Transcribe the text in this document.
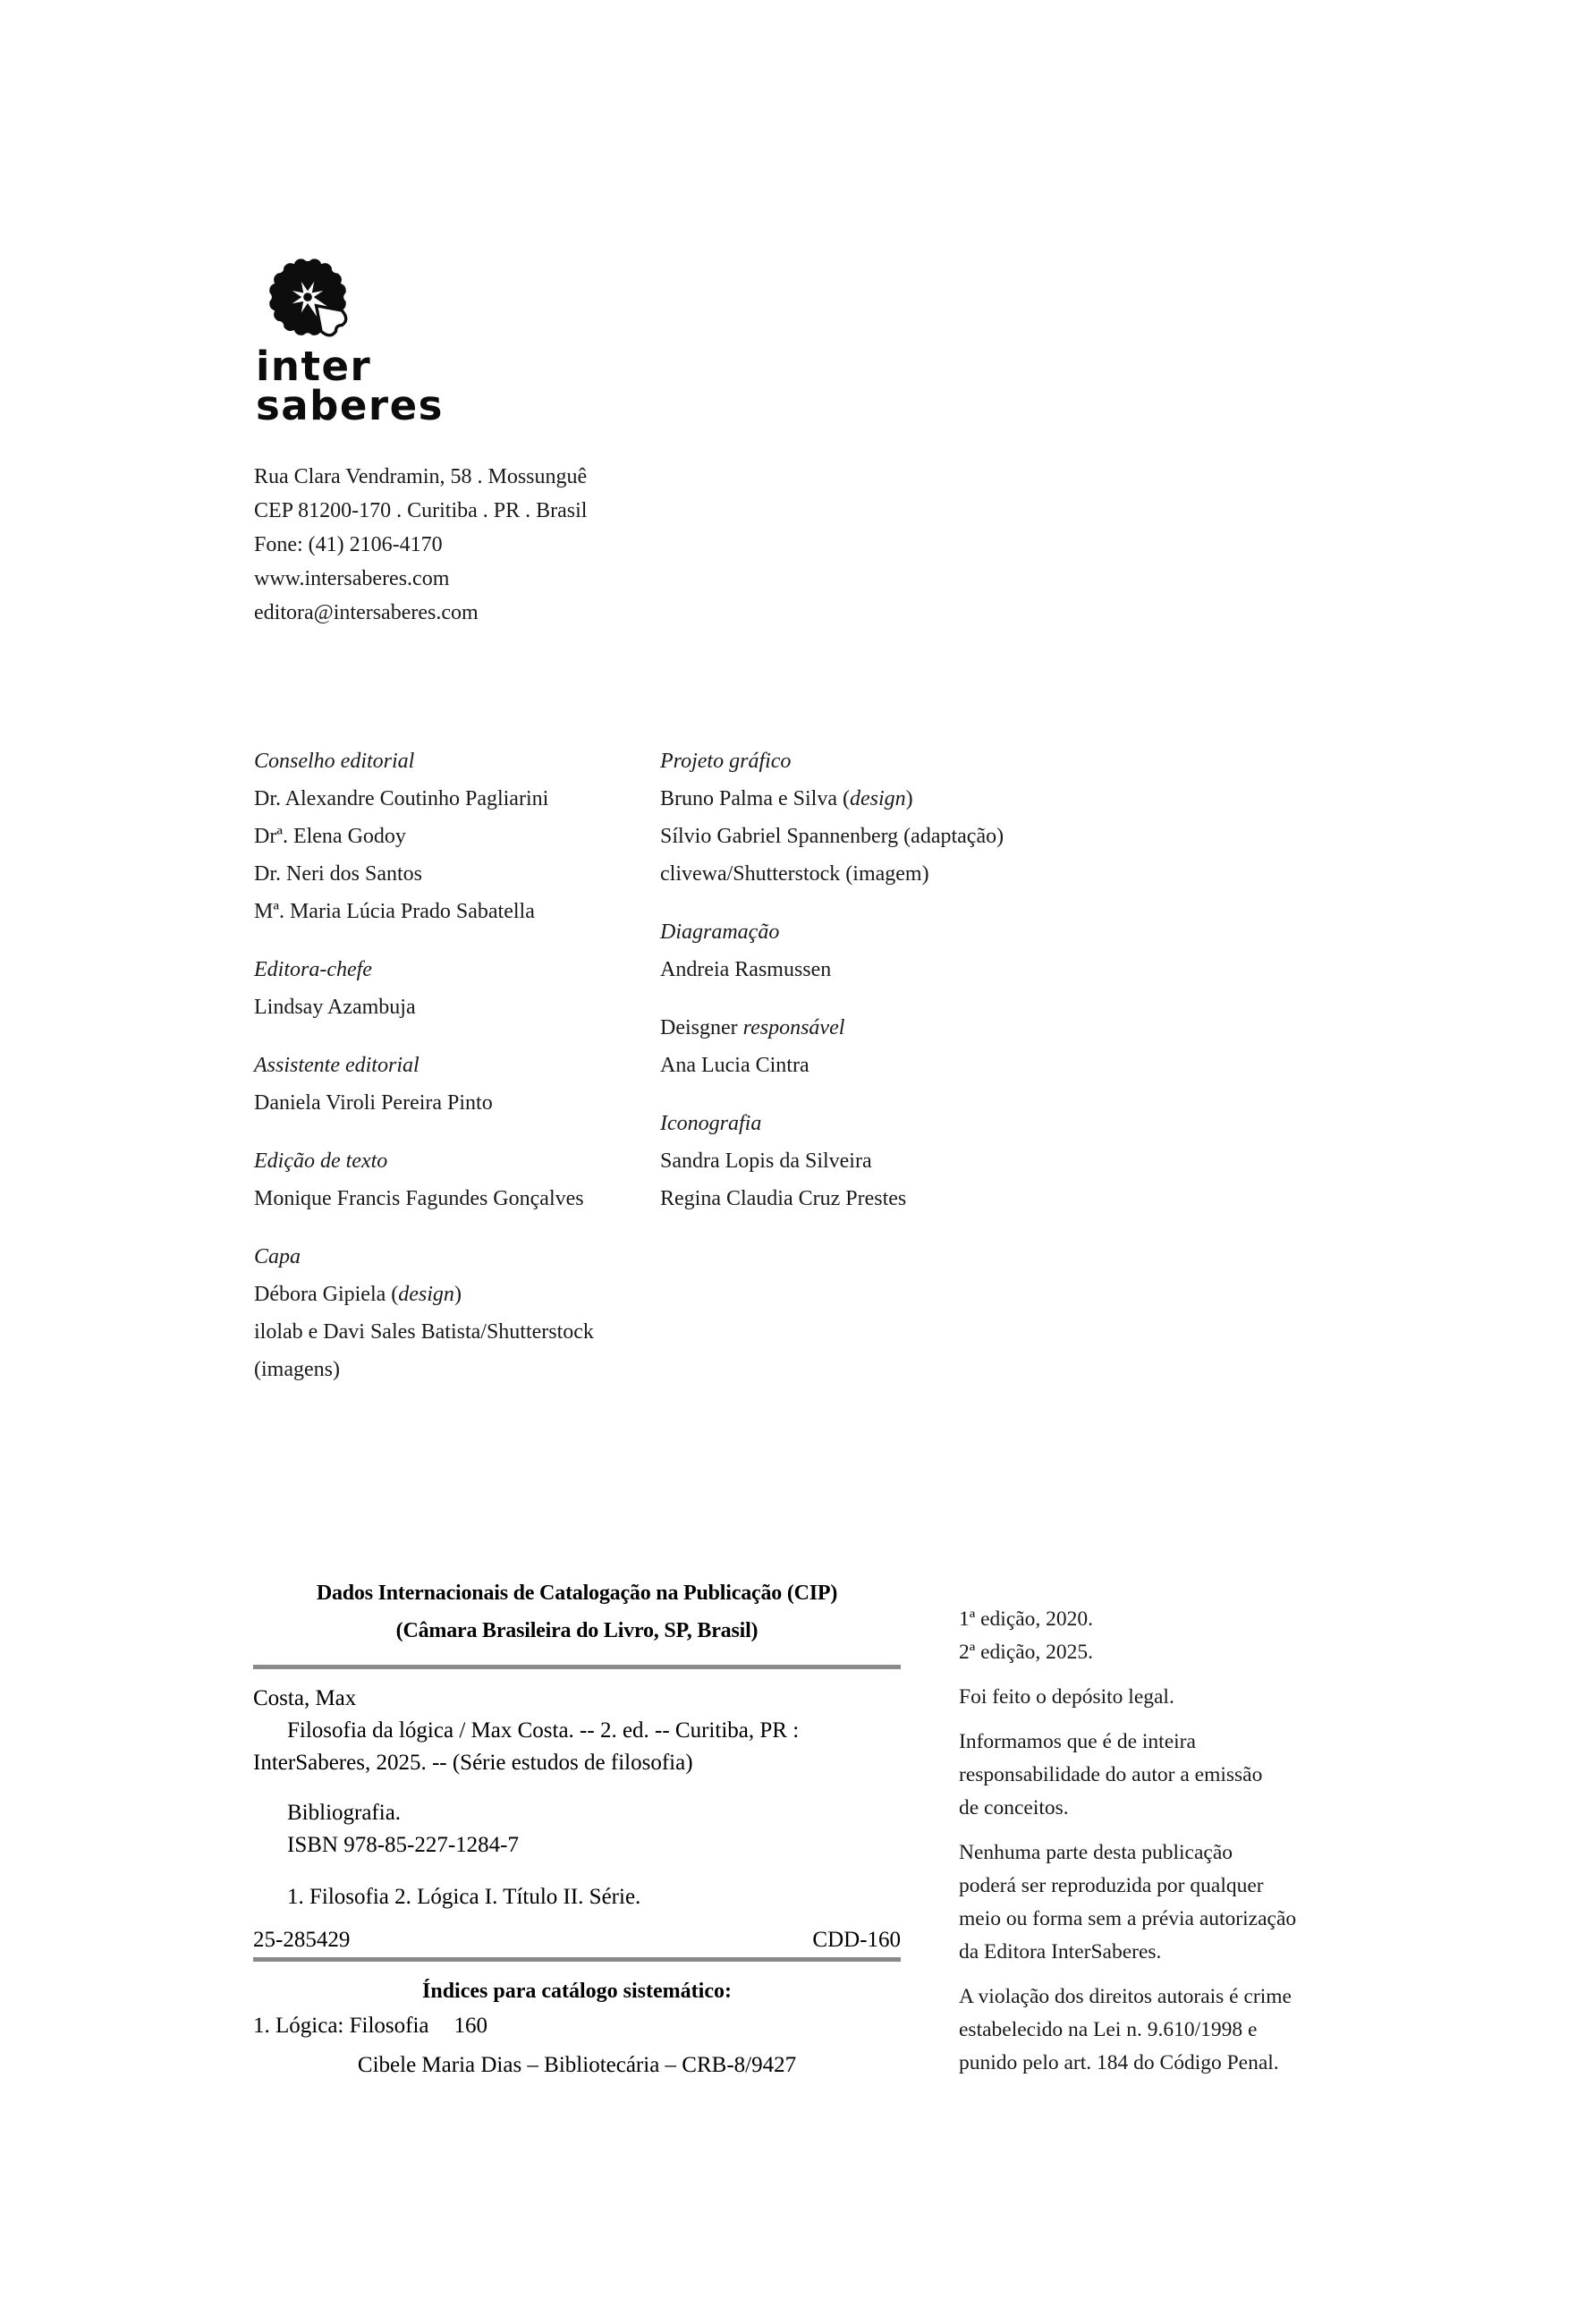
inter
saberes
Rua Clara Vendramin, 58 . Mossunguê
CEP 81200-170 . Curitiba . PR . Brasil
Fone: (41) 2106-4170
www.intersaberes.com
editora@intersaberes.com
Conselho editorial
Dr. Alexandre Coutinho Pagliarini
Drª. Elena Godoy
Dr. Neri dos Santos
Mª. Maria Lúcia Prado Sabatella
Editora-chefe
Lindsay Azambuja
Assistente editorial
Daniela Viroli Pereira Pinto
Edição de texto
Monique Francis Fagundes Gonçalves
Capa
Débora Gipiela (design)
ilolab e Davi Sales Batista/Shutterstock
(imagens)
Projeto gráfico
Bruno Palma e Silva (design)
Sílvio Gabriel Spannenberg (adaptação)
clivewa/Shutterstock (imagem)
Diagramação
Andreia Rasmussen
Deisgner responsável
Ana Lucia Cintra
Iconografia
Sandra Lopis da Silveira
Regina Claudia Cruz Prestes
Dados Internacionais de Catalogação na Publicação (CIP)
(Câmara Brasileira do Livro, SP, Brasil)
Costa, Max
Filosofia da lógica / Max Costa. -- 2. ed. -- Curitiba, PR :
InterSaberes, 2025. -- (Série estudos de filosofia)
Bibliografia.
ISBN 978-85-227-1284-7
1. Filosofia 2. Lógica I. Título II. Série.
25-285429	CDD-160
Índices para catálogo sistemático:
1. Lógica: Filosofia 160
Cibele Maria Dias – Bibliotecária – CRB-8/9427
1ª edição, 2020.
2ª edição, 2025.
Foi feito o depósito legal.
Informamos que é de inteira
responsabilidade do autor a emissão
de conceitos.
Nenhuma parte desta publicação
poderá ser reproduzida por qualquer
meio ou forma sem a prévia autorização
da Editora InterSaberes.
A violação dos direitos autorais é crime
estabelecido na Lei n. 9.610/1998 e
punido pelo art. 184 do Código Penal.
